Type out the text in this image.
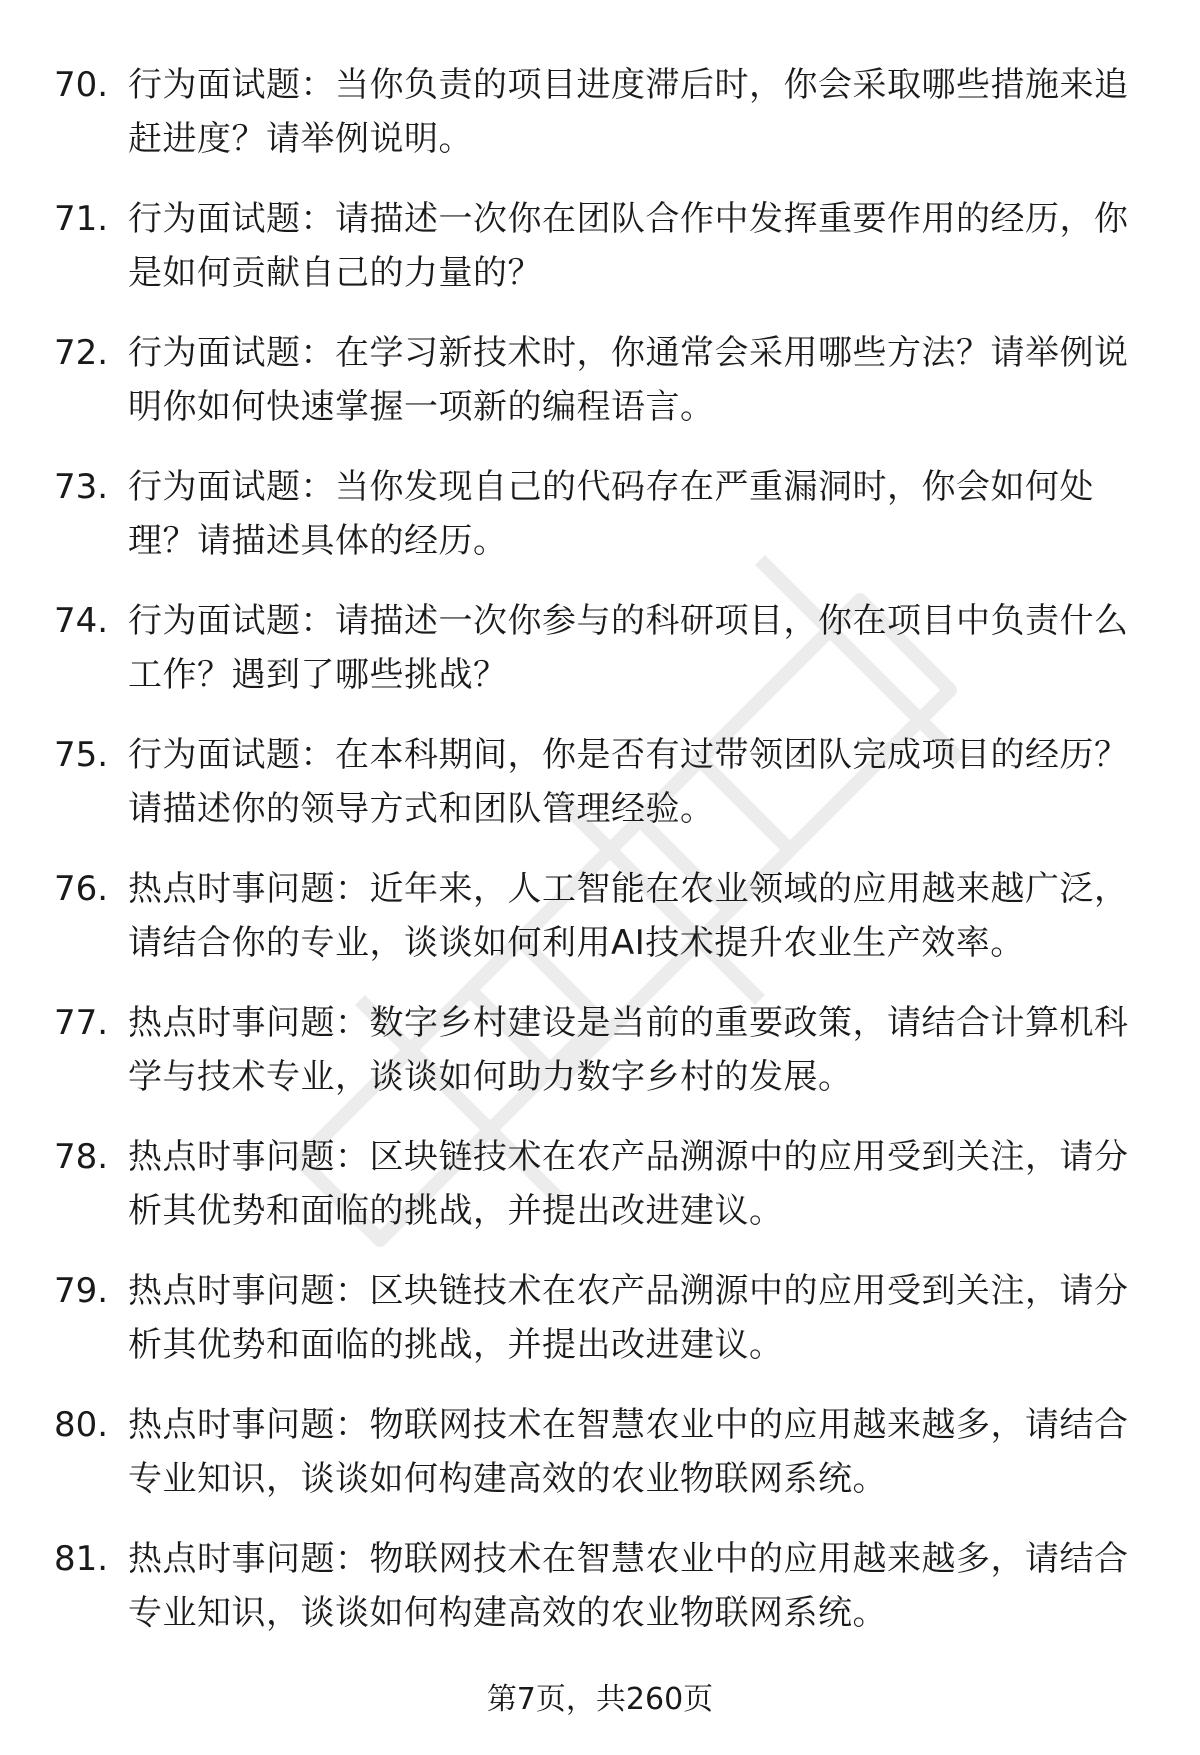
70. 行为面试题：当你负责的项目进度滞后时，你会采取哪些措施来追赶进度？请举例说明。
71. 行为面试题：请描述一次你在团队合作中发挥重要作用的经历，你是如何贡献自己的力量的？
72. 行为面试题：在学习新技术时，你通常会采用哪些方法？请举例说明你如何快速掌握一项新的编程语言。
73. 行为面试题：当你发现自己的代码存在严重漏洞时，你会如何处理？请描述具体的经历。
74. 行为面试题：请描述一次你参与的科研项目，你在项目中负责什么工作？遇到了哪些挑战？
75. 行为面试题：在本科期间，你是否有过带领团队完成项目的经历？请描述你的领导方式和团队管理经验。
76. 热点时事问题：近年来，人工智能在农业领域的应用越来越广泛，请结合你的专业，谈谈如何利用AI技术提升农业生产效率。
77. 热点时事问题：数字乡村建设是当前的重要政策，请结合计算机科学与技术专业，谈谈如何助力数字乡村的发展。
78. 热点时事问题：区块链技术在农产品溯源中的应用受到关注，请分析其优势和面临的挑战，并提出改进建议。
79. 热点时事问题：区块链技术在农产品溯源中的应用受到关注，请分析其优势和面临的挑战，并提出改进建议。
80. 热点时事问题：物联网技术在智慧农业中的应用越来越多，请结合专业知识，谈谈如何构建高效的农业物联网系统。
81. 热点时事问题：物联网技术在智慧农业中的应用越来越多，请结合专业知识，谈谈如何构建高效的农业物联网系统。
第7页，共260页
